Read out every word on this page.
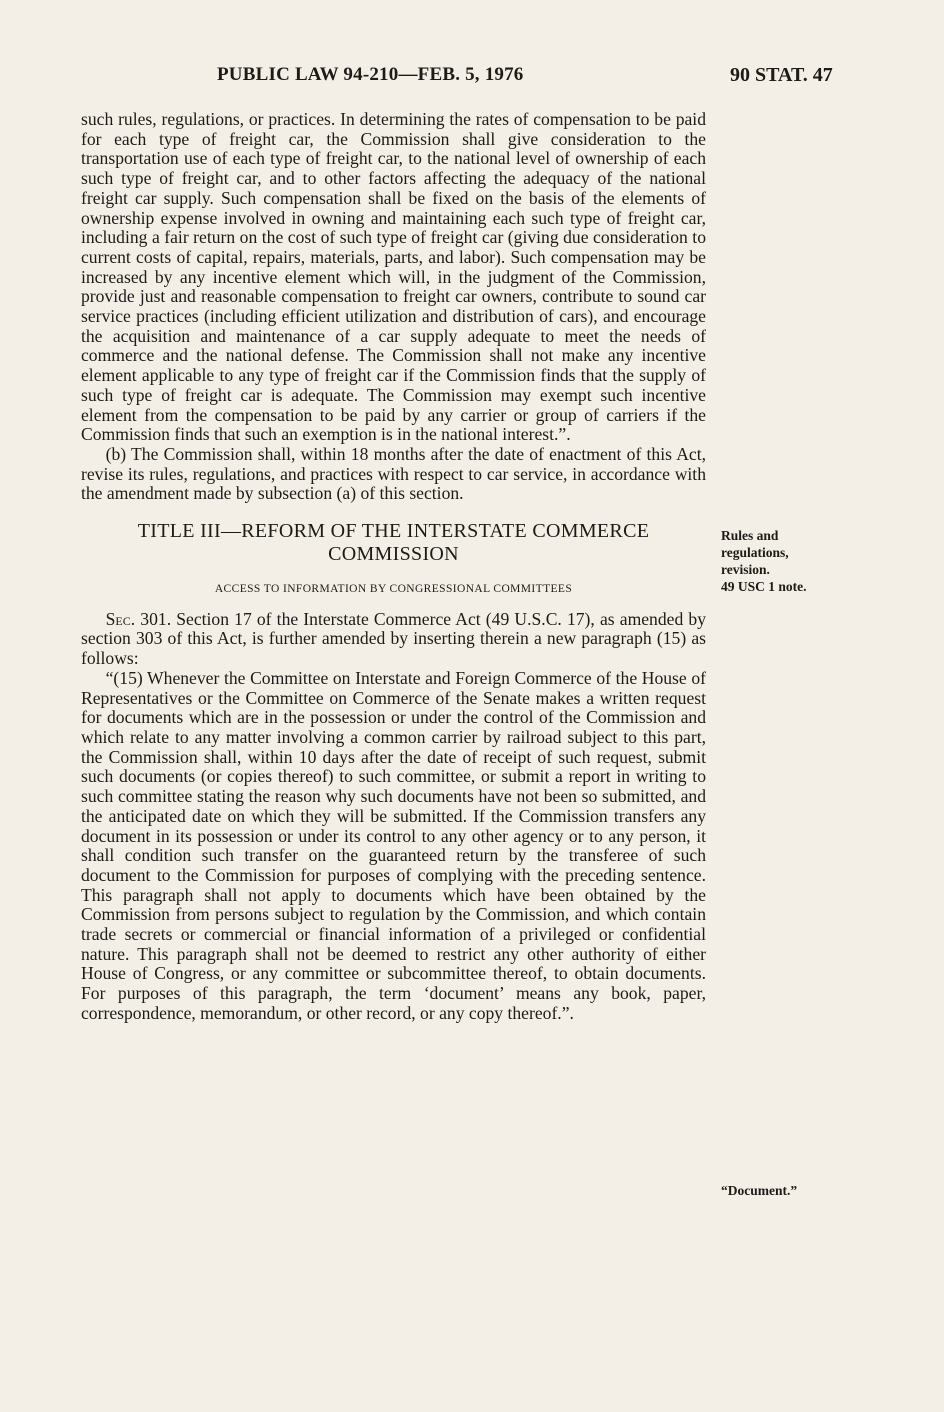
PUBLIC LAW 94-210—FEB. 5, 1976	90 STAT. 47

such rules, regulations, or practices. In determining the rates of compensation to be paid for each type of freight car, the Commission shall give consideration to the transportation use of each type of freight car, to the national level of ownership of each such type of freight car, and to other factors affecting the adequacy of the national freight car supply. Such compensation shall be fixed on the basis of the elements of ownership expense involved in owning and maintaining each such type of freight car, including a fair return on the cost of such type of freight car (giving due consideration to current costs of capital, repairs, materials, parts, and labor). Such compensation may be increased by any incentive element which will, in the judgment of the Commission, provide just and reasonable compensation to freight car owners, contribute to sound car service practices (including efficient utilization and distribution of cars), and encourage the acquisition and maintenance of a car supply adequate to meet the needs of commerce and the national defense. The Commission shall not make any incentive element applicable to any type of freight car if the Commission finds that the supply of such type of freight car is adequate. The Commission may exempt such incentive element from the compensation to be paid by any carrier or group of carriers if the Commission finds that such an exemption is in the national interest.”.

(b) The Commission shall, within 18 months after the date of enactment of this Act, revise its rules, regulations, and practices with respect to car service, in accordance with the amendment made by subsection (a) of this section.

TITLE III—REFORM OF THE INTERSTATE COMMERCE COMMISSION
ACCESS TO INFORMATION BY CONGRESSIONAL COMMITTEES

Sec. 301. Section 17 of the Interstate Commerce Act (49 U.S.C. 17), as amended by section 303 of this Act, is further amended by inserting therein a new paragraph (15) as follows:

“(15) Whenever the Committee on Interstate and Foreign Commerce of the House of Representatives or the Committee on Commerce of the Senate makes a written request for documents which are in the possession or under the control of the Commission and which relate to any matter involving a common carrier by railroad subject to this part, the Commission shall, within 10 days after the date of receipt of such request, submit such documents (or copies thereof) to such committee, or submit a report in writing to such committee stating the reason why such documents have not been so submitted, and the anticipated date on which they will be submitted. If the Commission transfers any document in its possession or under its control to any other agency or to any person, it shall condition such transfer on the guaranteed return by the transferee of such document to the Commission for purposes of complying with the preceding sentence. This paragraph shall not apply to documents which have been obtained by the Commission from persons subject to regulation by the Commission, and which contain trade secrets or commercial or financial information of a privileged or confidential nature. This paragraph shall not be deemed to restrict any other authority of either House of Congress, or any committee or subcommittee thereof, to obtain documents. For purposes of this paragraph, the term ‘document’ means any book, paper, correspondence, memorandum, or other record, or any copy thereof.”.

Rules and
regulations,
revision.
49 USC 1 note.
“Document.”
